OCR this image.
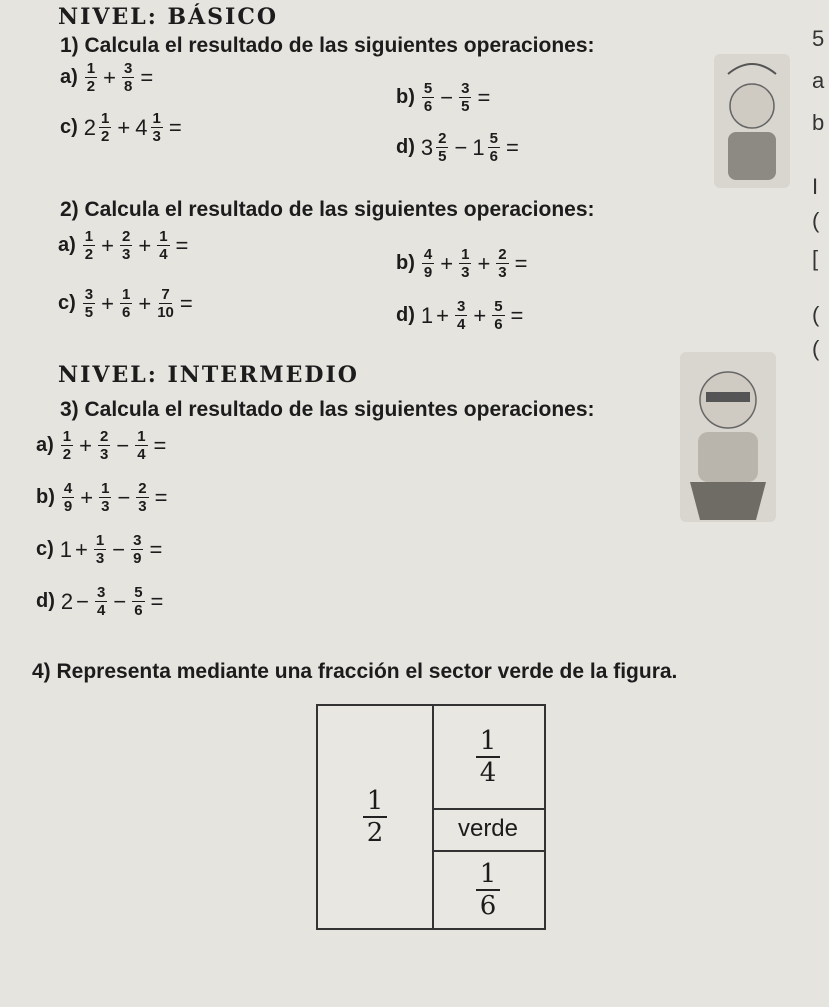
NIVEL: BÁSICO
1) Calcula el resultado de las siguientes operaciones:
$a) \frac{1}{2} + \frac{3}{8}$ =
$b) \frac{5}{6} - \frac{3}{5}$ =
c) $2 \frac{1}{2} + 4 \frac{1}{3}$ =
d) $3 \frac{2}{5} - 1 \frac{5}{6}$ =
2) Calcula el resultado de las siguientes operaciones:
$a) \frac{1}{2} + \frac{2}{3} + \frac{1}{4}$ =
$b) \frac{4}{9} + \frac{1}{3} + \frac{2}{3}$ =
$c) \frac{3}{5} + \frac{1}{6} + \frac{7}{10}$ =	d) $1 + \frac{3}{4} + \frac{5}{6}$ =
NIVEL: INTERMEDIO
3) Calcula el resultado de las siguientes operaciones:
$a) \frac{1}{2} + \frac{2}{3} - \frac{1}{4}$ =
$b) \frac{4}{9} + \frac{1}{3} - \frac{2}{3}$ =
c) $1 + \frac{1}{3} - \frac{3}{9}$ =
d) $2 - \frac{3}{4} - \frac{5}{6}$ =
4) Representa mediante una fracción el sector verde de la figura.
1
2
1
4
verde
1
6
5
a
b
I
(
[
(
(
